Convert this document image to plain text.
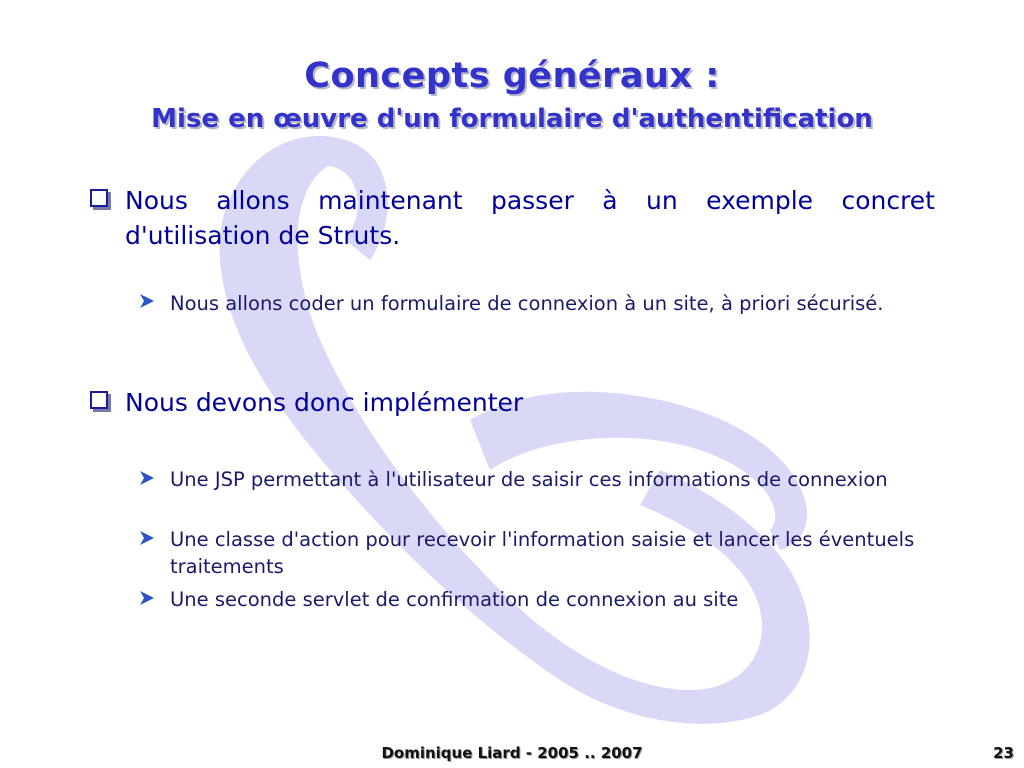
Concepts généraux :
Mise en œuvre d'un formulaire d'authentification
Nous allons maintenant passer à un exemple concret d'utilisation de Struts.
Nous allons coder un formulaire de connexion à un site, à priori sécurisé.
Nous devons donc implémenter
Une JSP permettant à l'utilisateur de saisir ces informations de connexion
Une classe d'action pour recevoir l'information saisie et lancer les éventuels traitements
Une seconde servlet de confirmation de connexion au site
Dominique Liard - 2005 .. 2007	23
